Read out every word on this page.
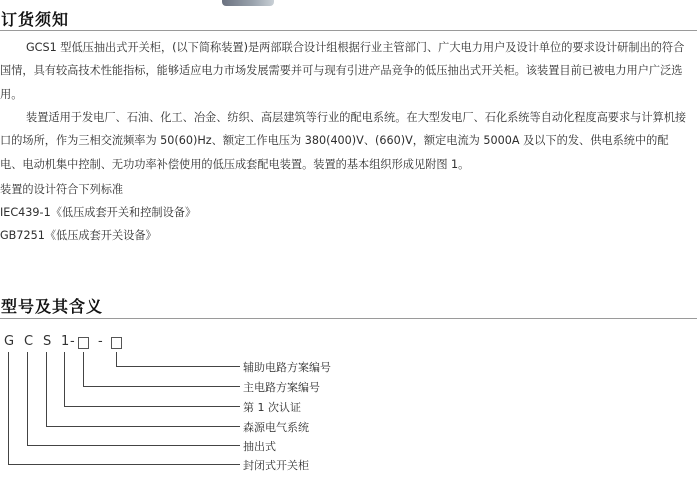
订货须知

GCS1 型低压抽出式开关柜，(以下简称装置)是两部联合设计组根据行业主管部门、广大电力用户及设计单位的要求设计研制出的符合国情，具有较高技术性能指标，能够适应电力市场发展需要并可与现有引进产品竞争的低压抽出式开关柜。该装置目前已被电力用户广泛选用。

装置适用于发电厂、石油、化工、冶金、纺织、高层建筑等行业的配电系统。在大型发电厂、石化系统等自动化程度高要求与计算机接口的场所，作为三相交流频率为 50(60)Hz、额定工作电压为 380(400)V、(660)V，额定电流为 5000A 及以下的发、供电系统中的配电、电动机集中控制、无功功率补偿使用的低压成套配电装置。装置的基本组织形成见附图 1。

装置的设计符合下列标准

IEC439-1《低压成套开关和控制设备》

GB7251《低压成套开关设备》

型号及其含义
G C S 1 - -
辅助电路方案编号
主电路方案编号
第 1 次认证
森源电气系统
抽出式
封闭式开关柜
